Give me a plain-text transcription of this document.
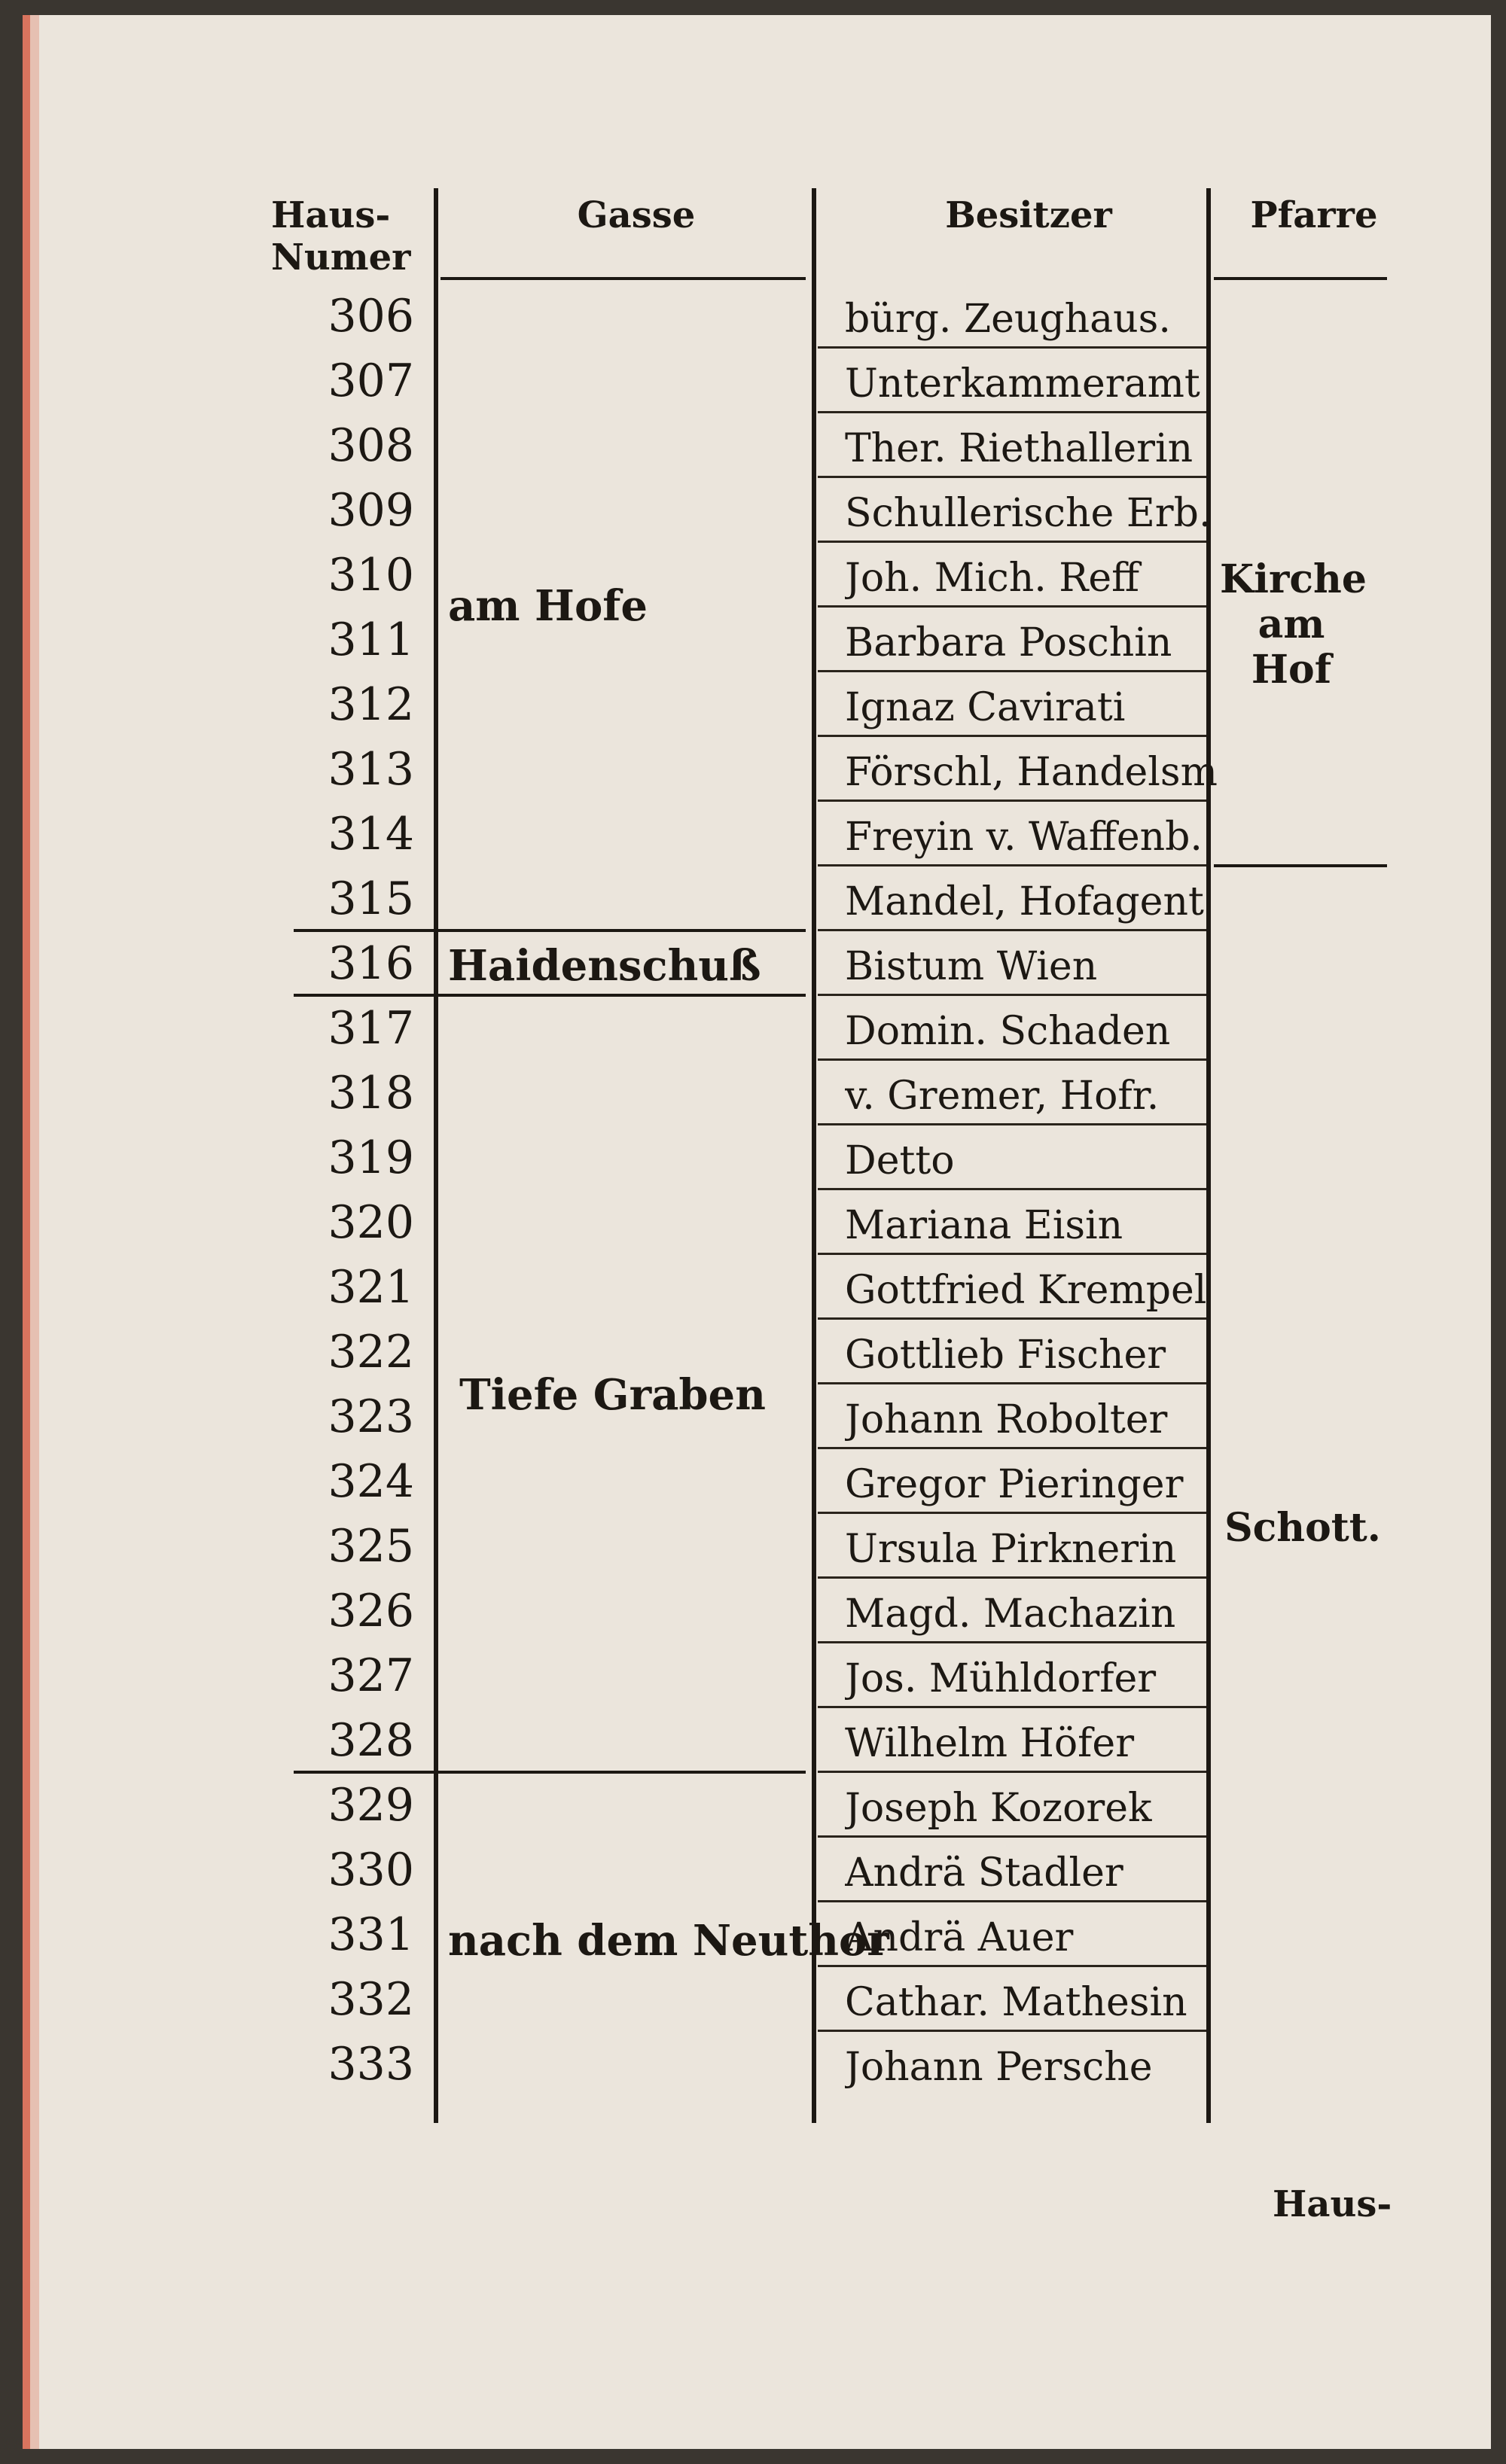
Haus- Numer
Gasse	Besitzer	Pfarre
306
307
308
309
310
311
312
313
314
315
316
317
318
319
320
321
322
323
324
325
326
327
328
329
330
331
332
333
bürg. Zeughaus.
Unterkammeramt
Ther. Riethallerin
Schullerische Erb.
Joh. Mich. Reff
Barbara Poschin
Ignaz Cavirati
Förschl, Handelsm
Freyin v. Waffenb.
Mandel, Hofagent
Bistum Wien
Domin. Schaden
v. Gremer, Hofr.
Detto
Mariana Eisin
Gottfried Krempel
Gottlieb Fischer
Johann Robolter
Gregor Pieringer
Ursula Pirknerin
Magd. Machazin
Jos. Mühldorfer
Wilhelm Höfer
Joseph Kozorek
Andrä Stadler
Andrä Auer
Cathar. Mathesin
Johann Persche
am Hofe
Haidenschuß
Tiefe Graben
nach dem Neuthor
Kirche am Hof
Schott.
Haus-
